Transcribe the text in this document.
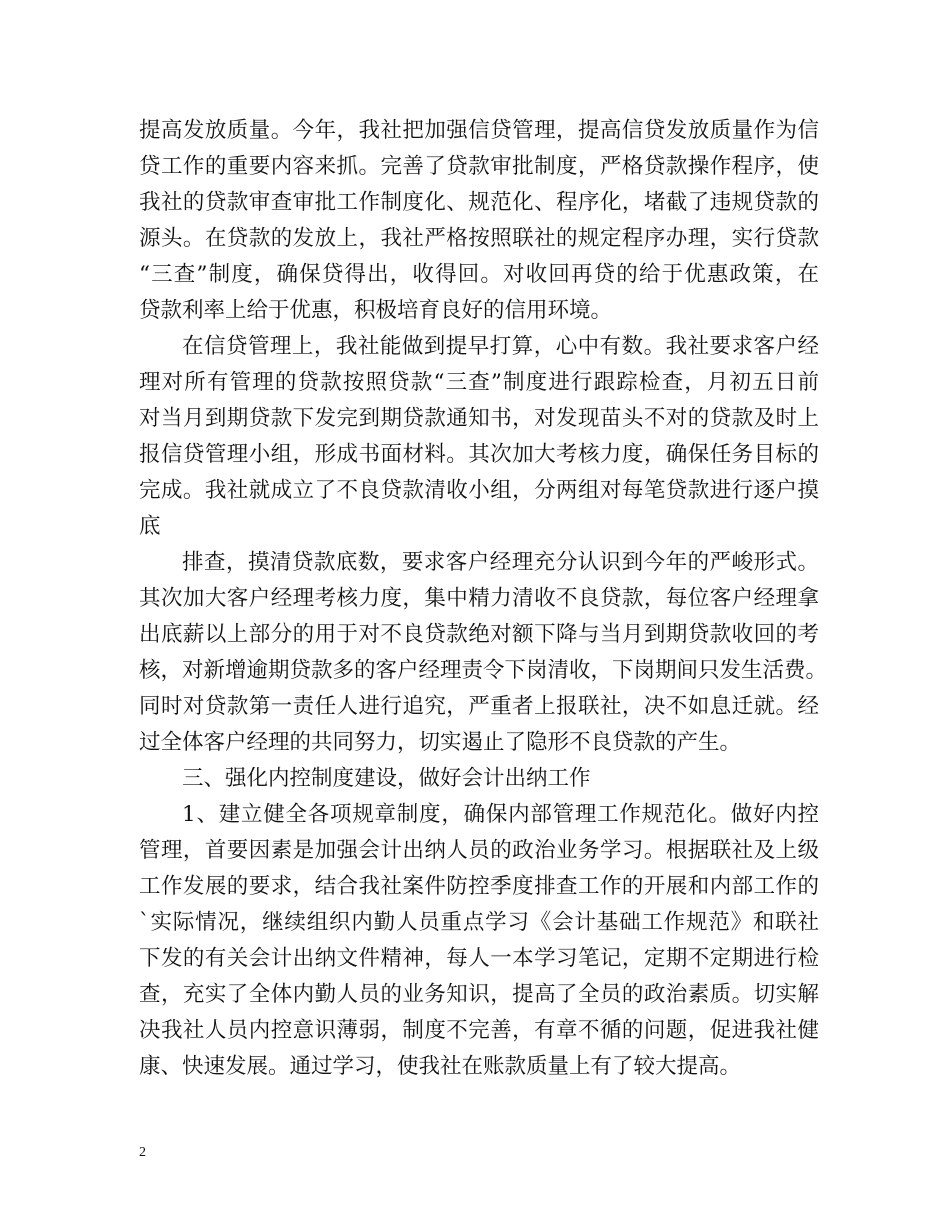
提高发放质量。今年，我社把加强信贷管理，提高信贷发放质量作为信
贷工作的重要内容来抓。完善了贷款审批制度，严格贷款操作程序，使
我社的贷款审查审批工作制度化、规范化、程序化，堵截了违规贷款的
源头。在贷款的发放上，我社严格按照联社的规定程序办理，实行贷款
“三查”制度，确保贷得出，收得回。对收回再贷的给于优惠政策，在
贷款利率上给于优惠，积极培育良好的信用环境。
在信贷管理上，我社能做到提早打算，心中有数。我社要求客户经
理对所有管理的贷款按照贷款“三查”制度进行跟踪检查，月初五日前
对当月到期贷款下发完到期贷款通知书，对发现苗头不对的贷款及时上
报信贷管理小组，形成书面材料。其次加大考核力度，确保任务目标的
完成。我社就成立了不良贷款清收小组，分两组对每笔贷款进行逐户摸
底
排查，摸清贷款底数，要求客户经理充分认识到今年的严峻形式。
其次加大客户经理考核力度，集中精力清收不良贷款，每位客户经理拿
出底薪以上部分的用于对不良贷款绝对额下降与当月到期贷款收回的考
核，对新增逾期贷款多的客户经理责令下岗清收，下岗期间只发生活费。
同时对贷款第一责任人进行追究，严重者上报联社，决不如息迁就。经
过全体客户经理的共同努力，切实遏止了隐形不良贷款的产生。
三、强化内控制度建设，做好会计出纳工作
1、建立健全各项规章制度，确保内部管理工作规范化。做好内控
管理，首要因素是加强会计出纳人员的政治业务学习。根据联社及上级
工作发展的要求，结合我社案件防控季度排查工作的开展和内部工作的
`实际情况，继续组织内勤人员重点学习《会计基础工作规范》和联社
下发的有关会计出纳文件精神，每人一本学习笔记，定期不定期进行检
查，充实了全体内勤人员的业务知识，提高了全员的政治素质。切实解
决我社人员内控意识薄弱，制度不完善，有章不循的问题，促进我社健
康、快速发展。通过学习，使我社在账款质量上有了较大提高。
2
